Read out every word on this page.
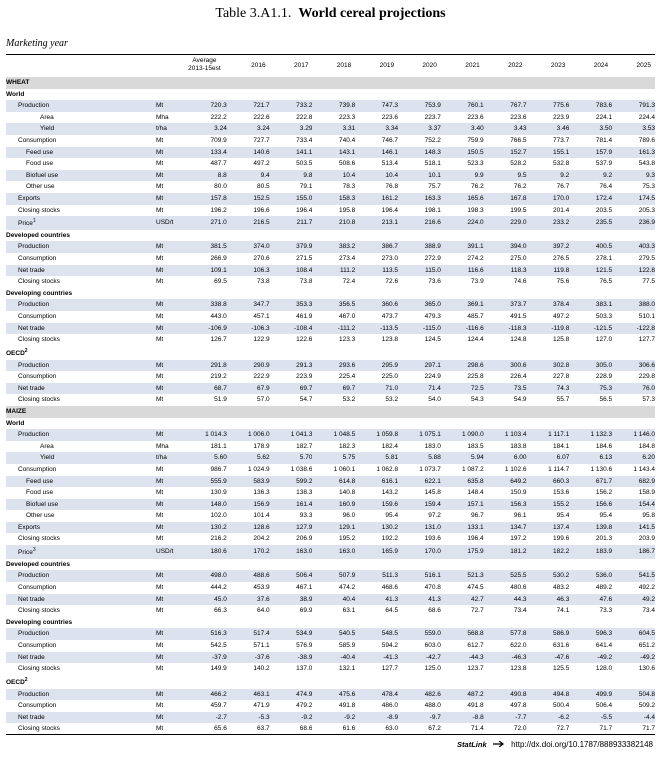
Table 3.A1.1. World cereal projections
Marketing year
Average
2013-15est	2016	2017	2018	2019	2020	2021	2022	2023	2024	2025
WHEAT												
World												
Production	Mt	720.3	721.7	733.2	739.8	747.3	753.9	760.1	767.7	775.6	783.6	791.3
Area	Mha	222.2	222.6	222.8	223.3	223.6	223.7	223.6	223.6	223.9	224.1	224.4
Yield	t/ha	3.24	3.24	3.29	3.31	3.34	3.37	3.40	3.43	3.46	3.50	3.53
Consumption	Mt	709.9	727.7	733.4	740.4	746.7	752.2	759.9	766.5	773.7	781.4	789.6
Feed use	Mt	133.4	140.6	141.1	143.1	146.1	148.3	150.5	152.7	155.1	157.9	161.3
Food use	Mt	487.7	497.2	503.5	508.6	513.4	518.1	523.3	528.2	532.8	537.9	543.8
Biofuel use	Mt	8.8	9.4	9.8	10.4	10.4	10.1	9.9	9.5	9.2	9.2	9.3
Other use	Mt	80.0	80.5	79.1	78.3	76.8	75.7	76.2	76.2	76.7	76.4	75.3
Exports	Mt	157.8	152.5	155.0	158.3	161.2	163.3	165.6	167.8	170.0	172.4	174.5
Closing stocks	Mt	196.2	196.6	196.4	195.8	196.4	198.1	198.3	199.5	201.4	203.5	205.3
Price$^1$	USD/t	271.0	216.5	211.7	210.8	213.1	216.6	224.0	229.0	233.2	235.5	236.9
Developed countries												
Production	Mt	381.5	374.0	379.9	383.2	386.7	388.9	391.1	394.0	397.2	400.5	403.3
Consumption	Mt	266.9	270.6	271.5	273.4	273.0	272.9	274.2	275.0	276.5	278.1	279.5
Net trade	Mt	109.1	106.3	108.4	111.2	113.5	115.0	116.6	118.3	119.8	121.5	122.8
Closing stocks	Mt	69.5	73.8	73.8	72.4	72.6	73.6	73.9	74.6	75.6	76.5	77.5
Developing countries												
Production	Mt	338.8	347.7	353.3	356.5	360.6	365.0	369.1	373.7	378.4	383.1	388.0
Consumption	Mt	443.0	457.1	461.9	467.0	473.7	479.3	485.7	491.5	497.2	503.3	510.1
Net trade	Mt	-106.9	-106.3	-108.4	-111.2	-113.5	-115.0	-116.6	-118.3	-119.8	-121.5	-122.8
Closing stocks	Mt	126.7	122.9	122.6	123.3	123.8	124.5	124.4	124.8	125.8	127.0	127.7
OECD$^2$
Production	Mt	291.8	290.9	291.3	293.6	295.9	297.1	298.6	300.6	302.8	305.0	306.6
Consumption	Mt	219.2	222.9	223.9	225.4	225.0	224.9	225.8	226.4	227.8	228.9	229.8
Net trade	Mt	68.7	67.9	69.7	69.7	71.0	71.4	72.5	73.5	74.3	75.3	76.0
Closing stocks	Mt	51.9	57.0	54.7	53.2	53.2	54.0	54.3	54.9	55.7	56.5	57.3
MAIZE												
World												
Production	Mt	1 014.3	1 006.0	1 041.3	1 048.5	1 059.8	1 075.1	1 090.0	1 103.4	1 117.1	1 132.3	1 146.0
Area	Mha	181.1	178.9	182.7	182.3	182.4	183.0	183.5	183.8	184.1	184.6	184.8
Yield	t/ha	5.60	5.62	5.70	5.75	5.81	5.88	5.94	6.00	6.07	6.13	6.20
Consumption	Mt	986.7	1 024.9	1 038.6	1 060.1	1 062.8	1 073.7	1 087.2	1 102.6	1 114.7	1 130.6	1 143.4
Feed use	Mt	555.9	583.9	599.2	614.8	616.1	622.1	635.8	649.2	660.3	671.7	682.9
Food use	Mt	130.9	136.3	138.3	140.8	143.2	145.8	148.4	150.9	153.6	156.2	158.9
Biofuel use	Mt	148.0	156.9	161.4	160.9	159.6	159.4	157.1	156.3	155.2	156.6	154.4
Other use	Mt	102.0	101.4	93.3	96.0	95.4	97.2	96.7	96.1	95.4	95.4	95.8
Exports	Mt	130.2	128.6	127.9	129.1	130.2	131.0	133.1	134.7	137.4	139.8	141.5
Closing stocks	Mt	216.2	204.2	206.9	195.2	192.2	193.6	196.4	197.2	199.6	201.3	203.9
Price$^3$	USD/t	180.6	170.2	163.0	163.0	165.9	170.0	175.9	181.2	182.2	183.9	186.7
Developed countries												
Production	Mt	498.0	488.6	506.4	507.9	511.3	516.1	521.3	525.5	530.2	536.0	541.5
Consumption	Mt	444.2	453.9	467.1	474.2	468.6	470.8	474.5	480.6	483.2	489.2	492.2
Net trade	Mt	45.0	37.6	38.9	40.4	41.3	41.3	42.7	44.3	46.3	47.6	49.2
Closing stocks	Mt	66.3	64.0	69.9	63.1	64.5	68.6	72.7	73.4	74.1	73.3	73.4
Developing countries												
Production	Mt	516.3	517.4	534.9	540.5	548.5	559.0	568.8	577.8	586.9	596.3	604.5
Consumption	Mt	542.5	571.1	576.9	585.9	594.2	603.0	612.7	622.0	631.6	641.4	651.2
Net trade	Mt	-37.9	-37.6	-38.9	-40.4	-41.3	-42.7	-44.3	-46.3	-47.6	-49.2	-49.2
Closing stocks	Mt	149.9	140.2	137.0	132.1	127.7	125.0	123.7	123.8	125.5	128.0	130.6
OECD$^2$
Production	Mt	466.2	463.1	474.9	475.6	478.4	482.6	487.2	490.8	494.8	499.9	504.8
Consumption	Mt	459.7	471.9	479.2	491.8	486.0	488.0	491.8	497.8	500.4	506.4	509.2
Net trade	Mt	-2.7	-5.3	-9.2	-9.2	-8.9	-9.7	-8.8	-7.7	-6.2	-5.5	-4.4
Closing stocks	Mt	65.6	63.7	68.6	61.6	63.0	67.2	71.4	72.0	72.7	71.7	71.7
StatLink	http://dx.doi.org/10.1787/888933382148
